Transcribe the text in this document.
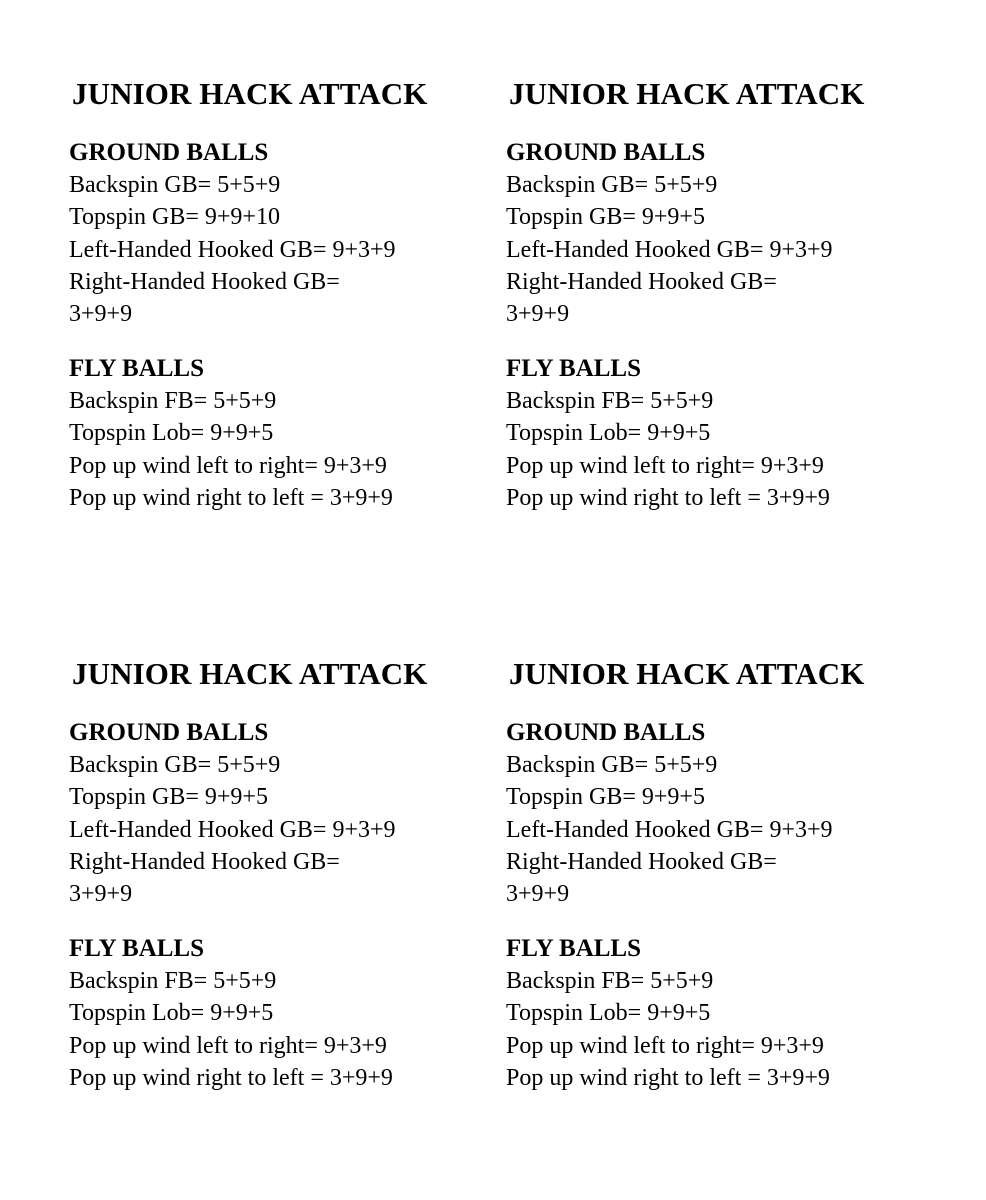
JUNIOR HACK ATTACK
GROUND BALLS
Backspin GB= 5+5+9
Topspin GB= 9+9+10
Left-Handed Hooked GB= 9+3+9
Right-Handed Hooked GB=
3+9+9
FLY BALLS
Backspin FB= 5+5+9
Topspin Lob= 9+9+5
Pop up wind left to right= 9+3+9
Pop up wind right to left = 3+9+9
JUNIOR HACK ATTACK
GROUND BALLS
Backspin GB= 5+5+9
Topspin GB= 9+9+5
Left-Handed Hooked GB= 9+3+9
Right-Handed Hooked GB=
3+9+9
FLY BALLS
Backspin FB= 5+5+9
Topspin Lob= 9+9+5
Pop up wind left to right= 9+3+9
Pop up wind right to left = 3+9+9
JUNIOR HACK ATTACK
GROUND BALLS
Backspin GB= 5+5+9
Topspin GB= 9+9+5
Left-Handed Hooked GB= 9+3+9
Right-Handed Hooked GB=
3+9+9
FLY BALLS
Backspin FB= 5+5+9
Topspin Lob= 9+9+5
Pop up wind left to right= 9+3+9
Pop up wind right to left = 3+9+9
JUNIOR HACK ATTACK
GROUND BALLS
Backspin GB= 5+5+9
Topspin GB= 9+9+5
Left-Handed Hooked GB= 9+3+9
Right-Handed Hooked GB=
3+9+9
FLY BALLS
Backspin FB= 5+5+9
Topspin Lob= 9+9+5
Pop up wind left to right= 9+3+9
Pop up wind right to left = 3+9+9
